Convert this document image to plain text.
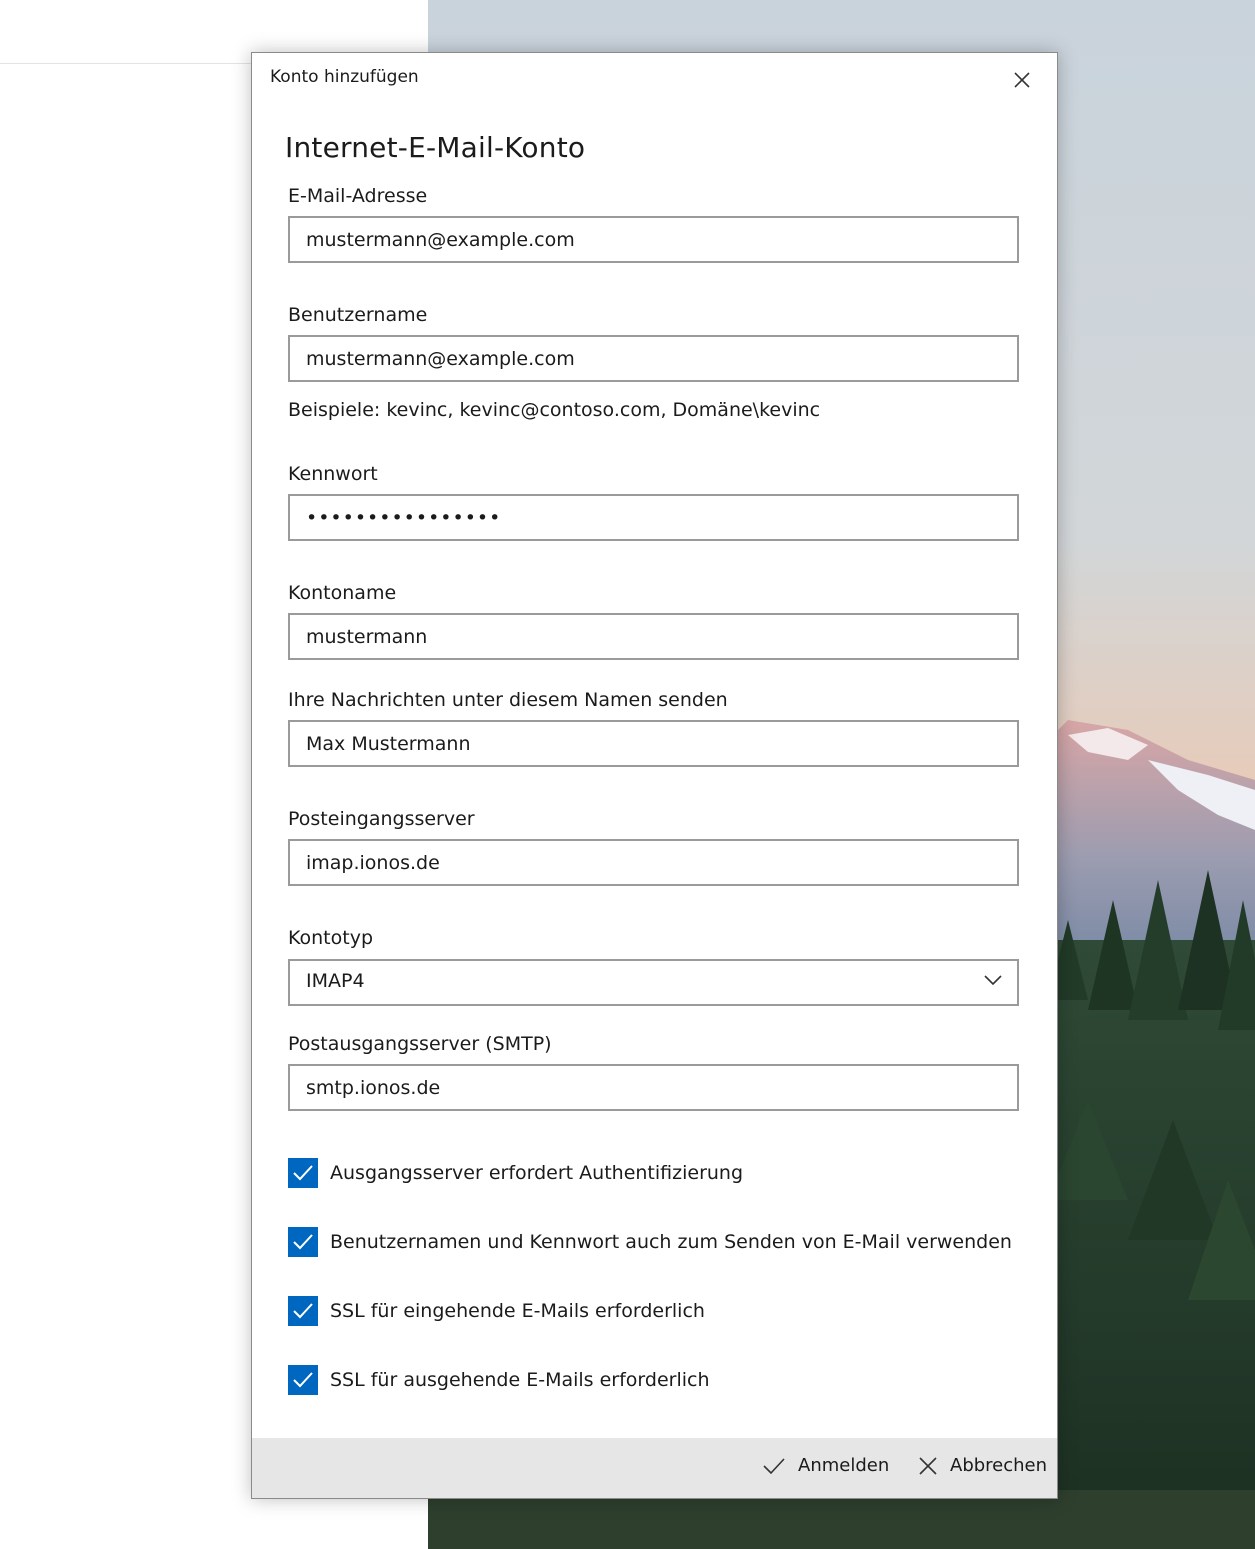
Konto hinzufügen
Internet-E-Mail-Konto
E-Mail-Adresse
mustermann@example.com
Benutzername
mustermann@example.com
Beispiele: kevinc, kevinc@contoso.com, Domäne\kevinc
Kennwort
••••••••••••••••
Kontoname
mustermann
Ihre Nachrichten unter diesem Namen senden
Max Mustermann
Posteingangsserver
imap.ionos.de
Kontotyp
IMAP4
Postausgangsserver (SMTP)
smtp.ionos.de
Ausgangsserver erfordert Authentifizierung
Benutzernamen und Kennwort auch zum Senden von E-Mail verwenden
SSL für eingehende E-Mails erforderlich
SSL für ausgehende E-Mails erforderlich
Anmelden	Abbrechen
